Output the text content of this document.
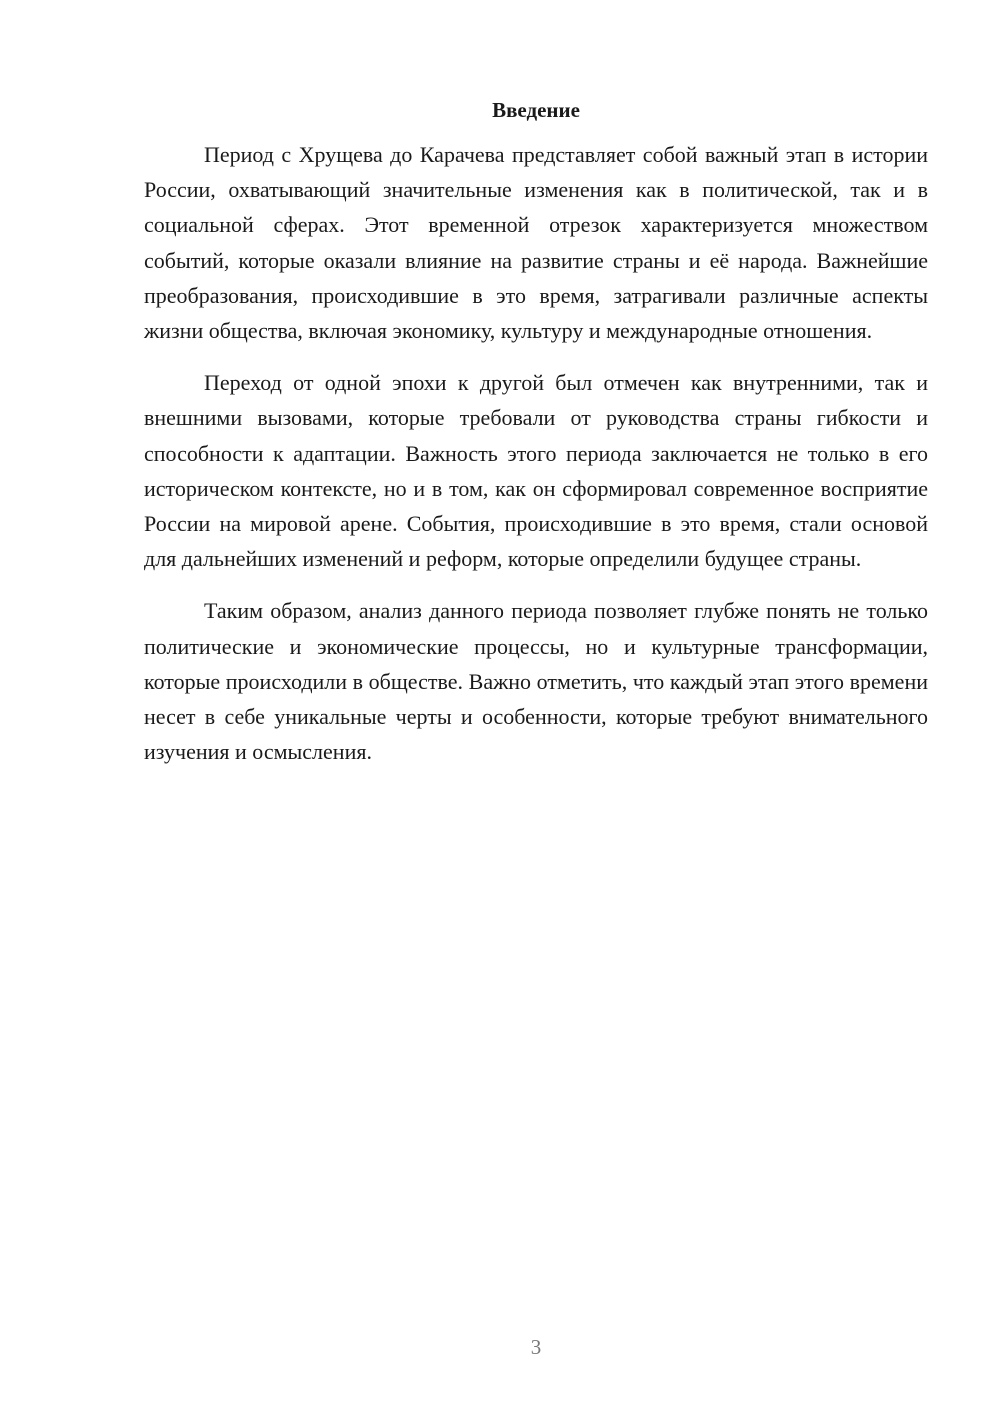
Введение

Период с Хрущева до Карачева представляет собой важный этап в истории России, охватывающий значительные изменения как в политической, так и в социальной сферах. Этот временной отрезок характеризуется множеством событий, которые оказали влияние на развитие страны и её народа. Важнейшие преобразования, происходившие в это время, затрагивали различные аспекты жизни общества, включая экономику, культуру и международные отношения.

Переход от одной эпохи к другой был отмечен как внутренними, так и внешними вызовами, которые требовали от руководства страны гибкости и способности к адаптации. Важность этого периода заключается не только в его историческом контексте, но и в том, как он сформировал современное восприятие России на мировой арене. События, происходившие в это время, стали основой для дальнейших изменений и реформ, которые определили будущее страны.

Таким образом, анализ данного периода позволяет глубже понять не только политические и экономические процессы, но и культурные трансформации, которые происходили в обществе. Важно отметить, что каждый этап этого времени несет в себе уникальные черты и особенности, которые требуют внимательного изучения и осмысления.

3
